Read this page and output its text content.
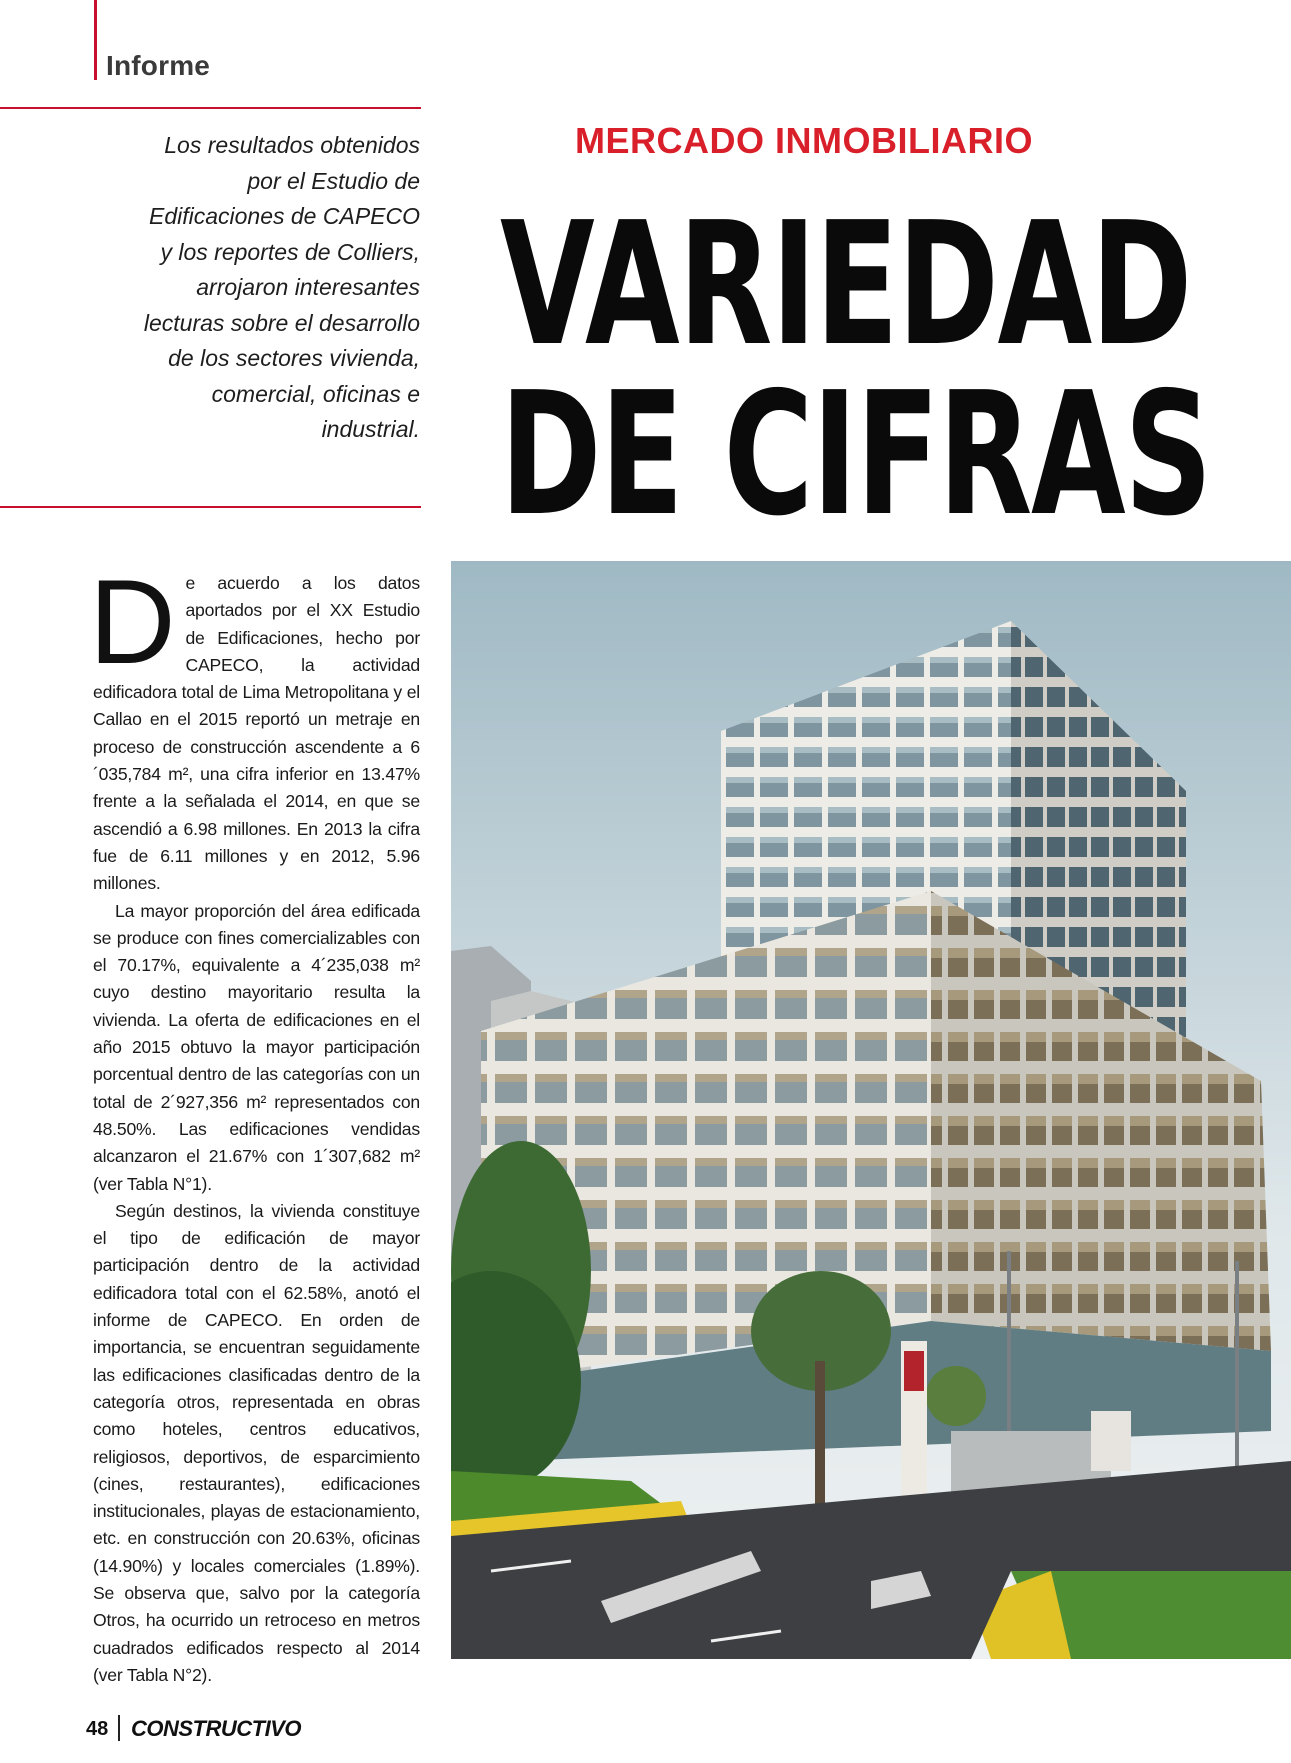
Informe
Los resultados obtenidos por el Estudio de Edificaciones de CAPECO y los reportes de Colliers, arrojaron interesantes lecturas sobre el desarrollo de los sectores vivienda, comercial, oficinas e industrial.
MERCADO INMOBILIARIO
VARIEDAD
DE CIFRAS

De acuerdo a los datos aportados por el XX Estudio de Edificaciones, hecho por CAPECO, la actividad edificadora total de Lima Metropolitana y el Callao en el 2015 reportó un metraje en proceso de construcción ascendente a 6´035,784 m², una cifra inferior en 13.47% frente a la señalada el 2014, en que se ascendió a 6.98 millones. En 2013 la cifra fue de 6.11 millones y en 2012, 5.96 millones.

La mayor proporción del área edificada se produce con fines comercializables con el 70.17%, equivalente a 4´235,038 m² cuyo destino mayoritario resulta la vivienda. La oferta de edificaciones en el año 2015 obtuvo la mayor participación porcentual dentro de las categorías con un total de 2´927,356 m² representados con 48.50%. Las edificaciones vendidas alcanzaron el 21.67% con 1´307,682 m² (ver Tabla N°1).

Según destinos, la vivienda constituye el tipo de edificación de mayor participación dentro de la actividad edificadora total con el 62.58%, anotó el informe de CAPECO. En orden de importancia, se encuentran seguidamente las edificaciones clasificadas dentro de la categoría otros, representada en obras como hoteles, centros educativos, religiosos, deportivos, de esparcimiento (cines, restaurantes), edificaciones institucionales, playas de estacionamiento, etc. en construcción con 20.63%, oficinas (14.90%) y locales comerciales (1.89%). Se observa que, salvo por la categoría Otros, ha ocurrido un retroceso en metros cuadrados edificados respecto al 2014 (ver Tabla N°2).

48 CONSTRUCTIVO
